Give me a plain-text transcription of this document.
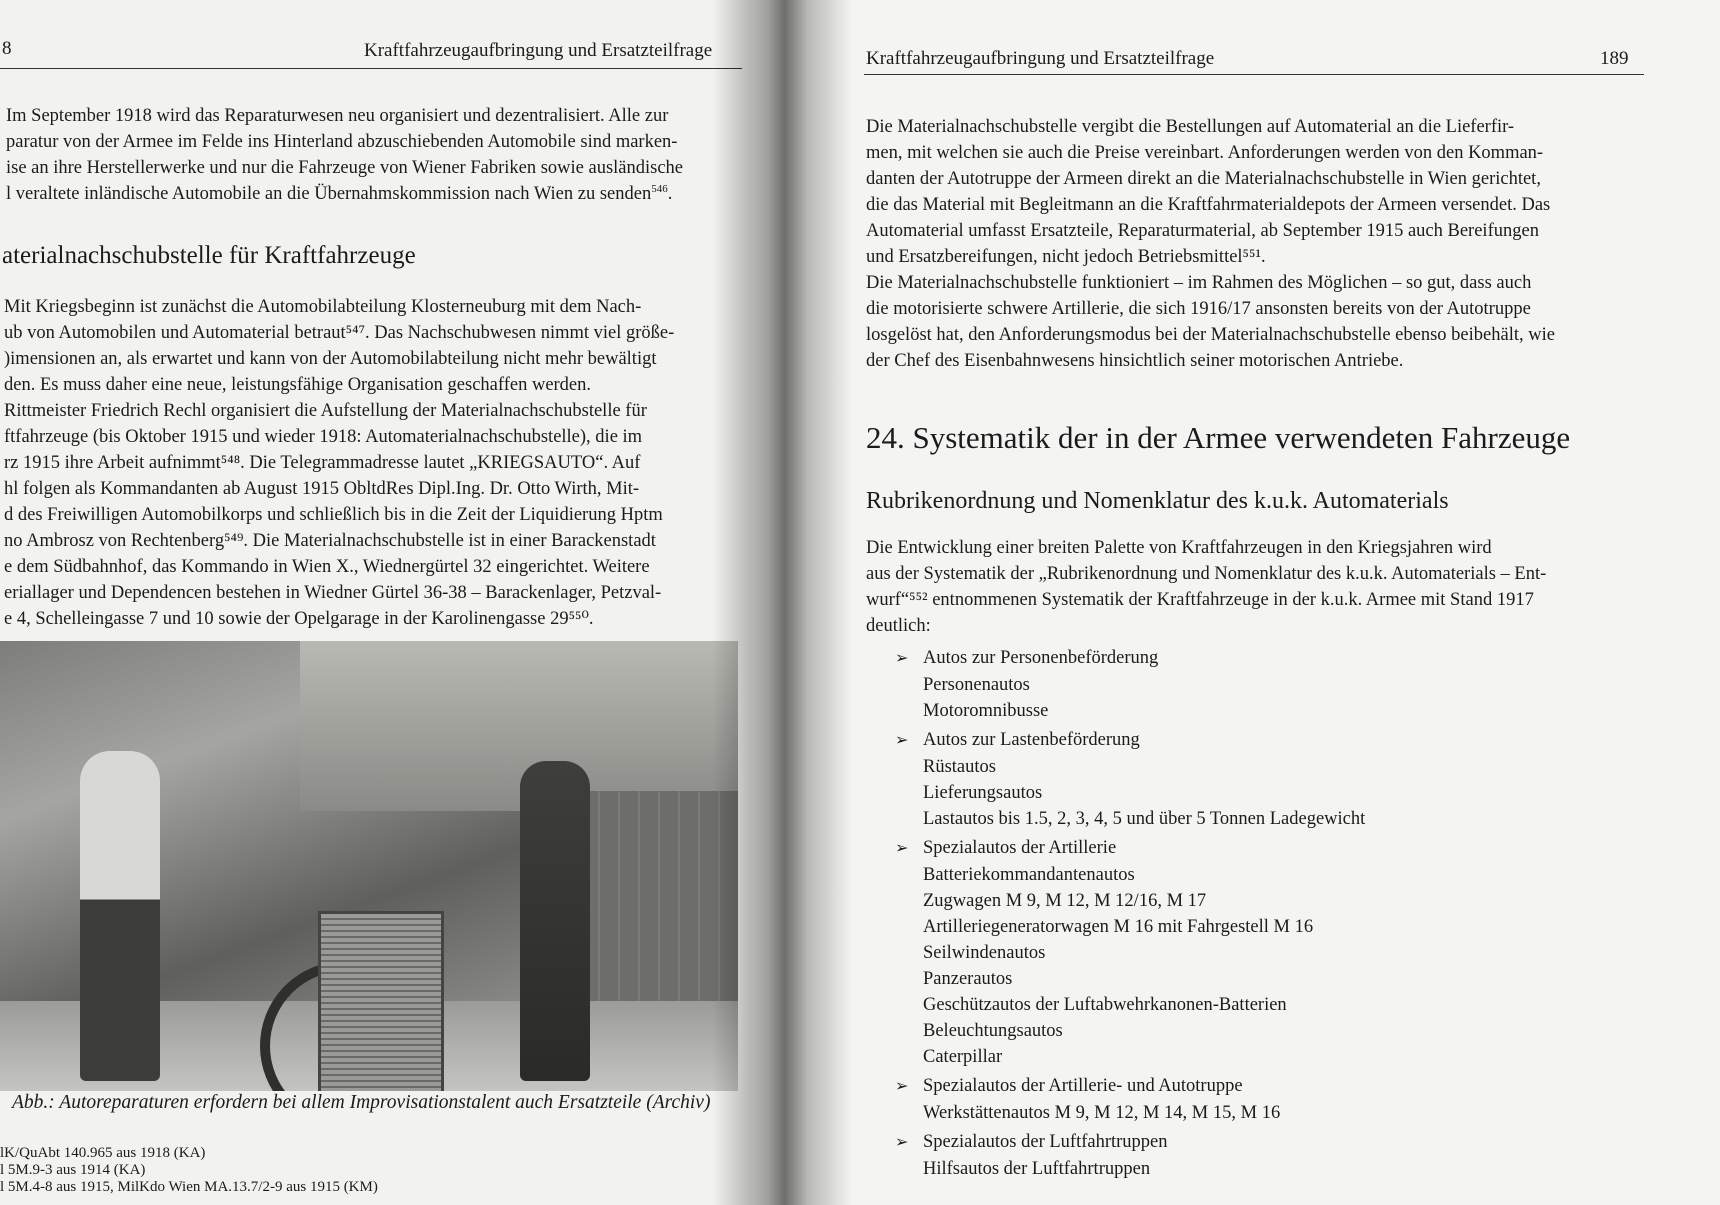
8	Kraftfahrzeugaufbringung und Ersatzteilfrage

Im September 1918 wird das Reparaturwesen neu organisiert und dezentralisiert. Alle zur

paratur von der Armee im Felde ins Hinterland abzuschiebenden Automobile sind marken-

ise an ihre Herstellerwerke und nur die Fahrzeuge von Wiener Fabriken sowie ausländische

l veraltete inländische Automobile an die Übernahmskommission nach Wien zu senden$^{546}$.

aterialnachschubstelle für Kraftfahrzeuge

Mit Kriegsbeginn ist zunächst die Automobilabteilung Klosterneuburg mit dem Nach-

ub von Automobilen und Automaterial betraut⁵⁴⁷. Das Nachschubwesen nimmt viel größe-

)imensionen an, als erwartet und kann von der Automobilabteilung nicht mehr bewältigt

den. Es muss daher eine neue, leistungsfähige Organisation geschaffen werden.

Rittmeister Friedrich Rechl organisiert die Aufstellung der Materialnachschubstelle für

ftfahrzeuge (bis Oktober 1915 und wieder 1918: Automaterialnachschubstelle), die im

rz 1915 ihre Arbeit aufnimmt⁵⁴⁸. Die Telegrammadresse lautet „KRIEGSAUTO“. Auf

hl folgen als Kommandanten ab August 1915 ObltdRes Dipl.Ing. Dr. Otto Wirth, Mit-

d des Freiwilligen Automobilkorps und schließlich bis in die Zeit der Liquidierung Hptm

no Ambrosz von Rechtenberg⁵⁴⁹. Die Materialnachschubstelle ist in einer Barackenstadt

e dem Südbahnhof, das Kommando in Wien X., Wiednergürtel 32 eingerichtet. Weitere

eriallager und Dependencen bestehen in Wiedner Gürtel 36-38 – Barackenlager, Petzval-

e 4, Schelleingasse 7 und 10 sowie der Opelgarage in der Karolinengasse 29⁵⁵⁰.

Abb.: Autoreparaturen erfordern bei allem Improvisationstalent auch Ersatzteile (Archiv)
lK/QuAbt 140.965 aus 1918 (KA)
l 5M.9-3 aus 1914 (KA)
l 5M.4-8 aus 1915, MilKdo Wien MA.13.7/2-9 aus 1915 (KM)
Kraftfahrzeugaufbringung und Ersatzteilfrage	189

Die Materialnachschubstelle vergibt die Bestellungen auf Automaterial an die Lieferfir-

men, mit welchen sie auch die Preise vereinbart. Anforderungen werden von den Komman-

danten der Autotruppe der Armeen direkt an die Materialnachschubstelle in Wien gerichtet,

die das Material mit Begleitmann an die Kraftfahrmaterialdepots der Armeen versendet. Das

Automaterial umfasst Ersatzteile, Reparaturmaterial, ab September 1915 auch Bereifungen

und Ersatzbereifungen, nicht jedoch Betriebsmittel⁵⁵¹.

Die Materialnachschubstelle funktioniert – im Rahmen des Möglichen – so gut, dass auch

die motorisierte schwere Artillerie, die sich 1916/17 ansonsten bereits von der Autotruppe

losgelöst hat, den Anforderungsmodus bei der Materialnachschubstelle ebenso beibehält, wie

der Chef des Eisenbahnwesens hinsichtlich seiner motorischen Antriebe.

24. Systematik der in der Armee verwendeten Fahrzeuge
Rubrikenordnung und Nomenklatur des k.u.k. Automaterials

Die Entwicklung einer breiten Palette von Kraftfahrzeugen in den Kriegsjahren wird

aus der Systematik der „Rubrikenordnung und Nomenklatur des k.u.k. Automaterials – Ent-

wurf“⁵⁵² entnommenen Systematik der Kraftfahrzeuge in der k.u.k. Armee mit Stand 1917

deutlich:

➢ Autos zur Personenbeförderung
Personenautos
Motoromnibusse
➢ Autos zur Lastenbeförderung
Rüstautos
Lieferungsautos
Lastautos bis 1.5, 2, 3, 4, 5 und über 5 Tonnen Ladegewicht
➢ Spezialautos der Artillerie
Batteriekommandantenautos
Zugwagen M 9, M 12, M 12/16, M 17
Artilleriegeneratorwagen M 16 mit Fahrgestell M 16
Seilwindenautos
Panzerautos
Geschützautos der Luftabwehrkanonen-Batterien
Beleuchtungsautos
Caterpillar
➢ Spezialautos der Artillerie- und Autotruppe
Werkstättenautos M 9, M 12, M 14, M 15, M 16
➢ Spezialautos der Luftfahrtruppen
Hilfsautos der Luftfahrtruppen
